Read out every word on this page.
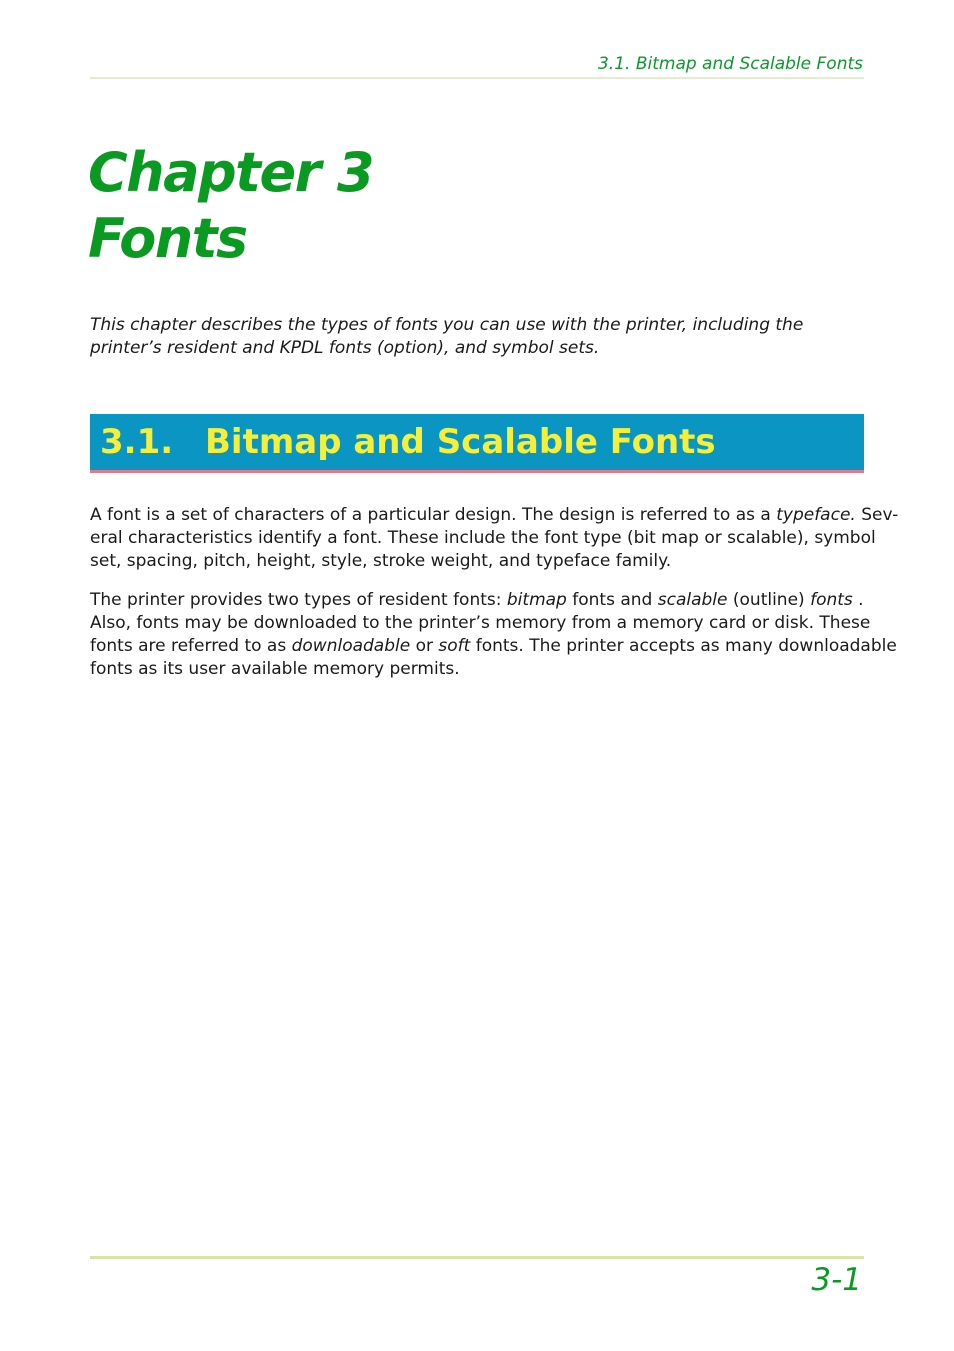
3.1. Bitmap and Scalable Fonts
Chapter 3
Fonts

This chapter describes the types of fonts you can use with the printer, including the
printer’s resident and KPDL fonts (option), and symbol sets.

3.1. Bitmap and Scalable Fonts

A font is a set of characters of a particular design. The design is referred to as a typeface. Sev-
eral characteristics identify a font. These include the font type (bit map or scalable), symbol
set, spacing, pitch, height, style, stroke weight, and typeface family.

The printer provides two types of resident fonts: bitmap fonts and scalable (outline) fonts .
Also, fonts may be downloaded to the printer’s memory from a memory card or disk. These
fonts are referred to as downloadable or soft fonts. The printer accepts as many downloadable
fonts as its user available memory permits.

3-1
